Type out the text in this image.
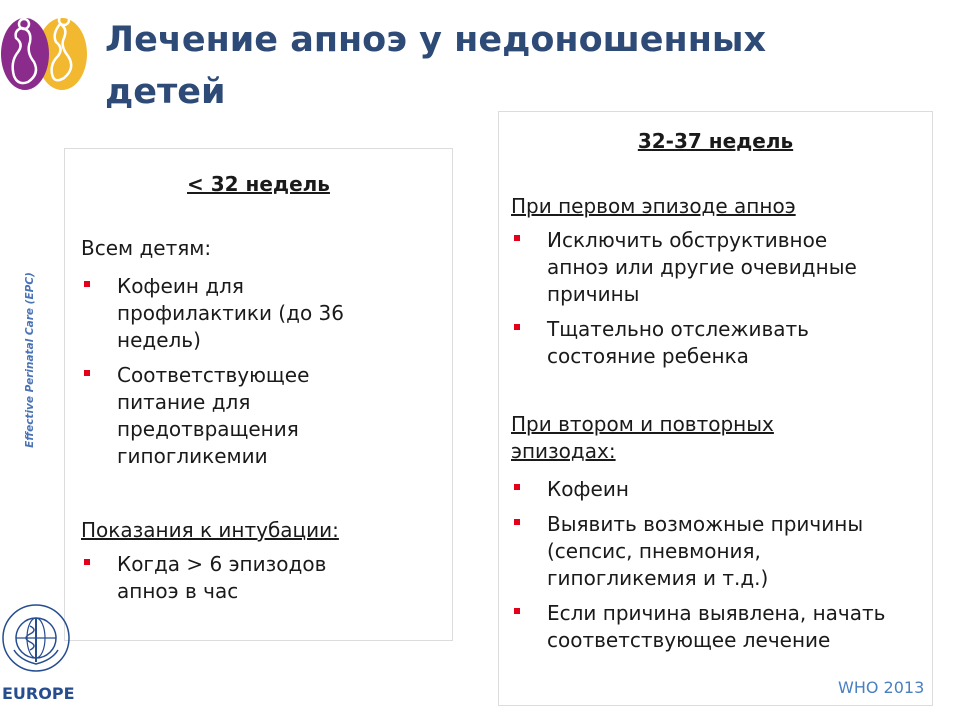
Лечение апноэ у недоношенных детей
Effective Perinatal Care (EPC)
< 32 недель
Всем детям:
Кофеин для профилактики (до 36 недель)
Соответствующее питание для предотвращения гипогликемии
Показания к интубации:
Когда > 6 эпизодов апноэ в час
32-37 недель
При первом эпизоде апноэ
Исключить обструктивное апноэ или другие очевидные причины
Тщательно отслеживать состояние ребенка
При втором и повторных эпизодах:
Кофеин
Выявить возможные причины (сепсис, пневмония, гипогликемия и т.д.)
Если причина выявлена, начать соответствующее лечение
WHO 2013
EUROPE
